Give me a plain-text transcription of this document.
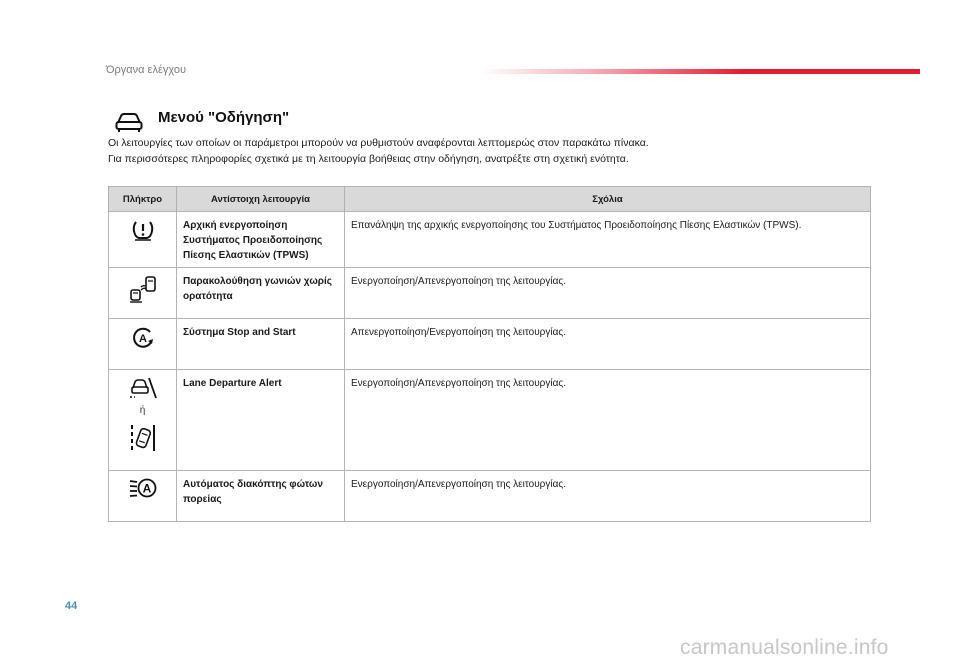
Όργανα ελέγχου
Μενού "Οδήγηση"
Οι λειτουργίες των οποίων οι παράμετροι μπορούν να ρυθμιστούν αναφέρονται λεπτομερώς στον παρακάτω πίνακα.
Για περισσότερες πληροφορίες σχετικά με τη λειτουργία βοήθειας στην οδήγηση, ανατρέξτε στη σχετική ενότητα.
Πλήκτρο	Αντίστοιχη λειτουργία	Σχόλια

	Αρχική ενεργοποίηση Συστήματος Προειδοποίησης Πίεσης Ελαστικών (TPWS)	Επανάληψη της αρχικής ενεργοποίησης του Συστήματος Προειδοποίησης Πίεσης Ελαστικών (TPWS).

	Παρακολούθηση γωνιών χωρίς ορατότητα	Ενεργοποίηση/Απενεργοποίηση της λειτουργίας.

A	Σύστημα Stop and Start	Απενεργοποίηση/Ενεργοποίηση της λειτουργίας.

ή	Lane Departure Alert	Ενεργοποίηση/Απενεργοποίηση της λειτουργίας.

A	Αυτόματος διακόπτης φώτων πορείας	Ενεργοποίηση/Απενεργοποίηση της λειτουργίας.
44
carmanualsonline.info
